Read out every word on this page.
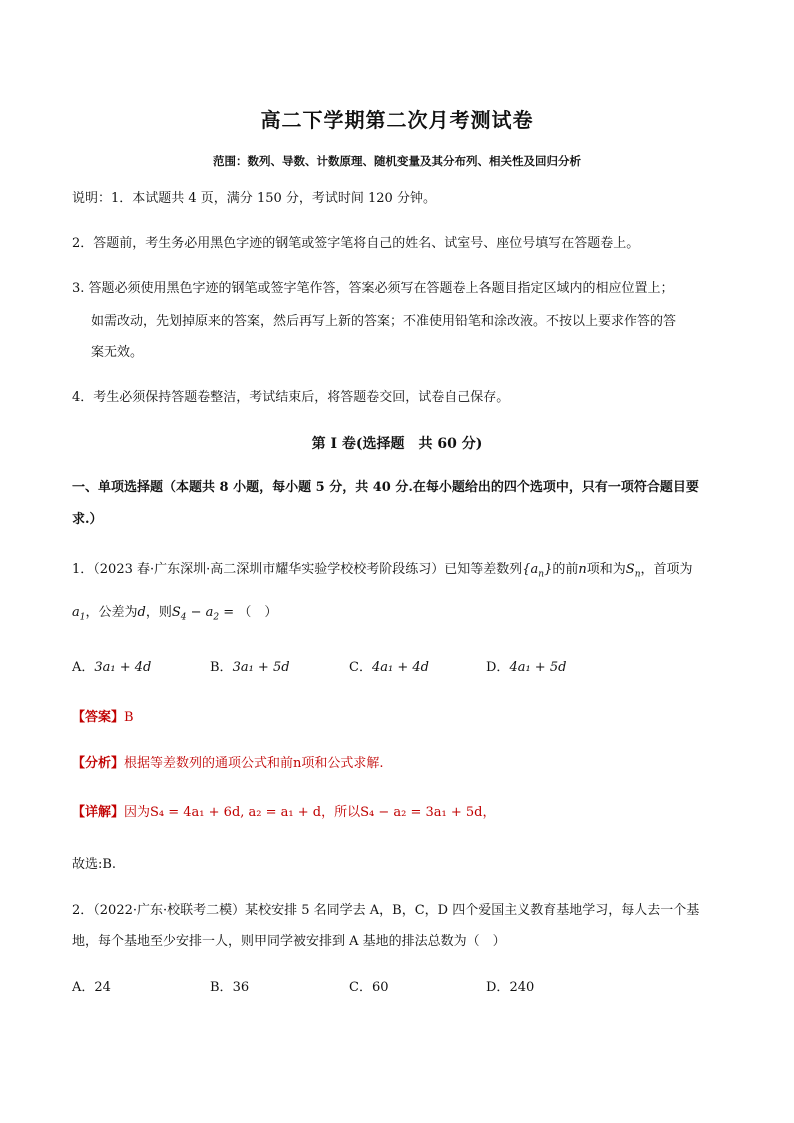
高二下学期第二次月考测试卷
范围：数列、导数、计数原理、随机变量及其分布列、相关性及回归分析
说明：1．本试题共 4 页，满分 150 分，考试时间 120 分钟。
2．答题前，考生务必用黑色字迹的钢笔或签字笔将自己的姓名、试室号、座位号填写在答题卷上。
3. 答题必须使用黑色字迹的钢笔或签字笔作答，答案必须写在答题卷上各题目指定区域内的相应位置上；
如需改动，先划掉原来的答案，然后再写上新的答案；不准使用铅笔和涂改液。不按以上要求作答的答
案无效。
4．考生必须保持答题卷整洁，考试结束后，将答题卷交回，试卷自己保存。
第 I 卷(选择题　共 60 分)
一、单项选择题（本题共 8 小题，每小题 5 分，共 40 分.在每小题给出的四个选项中，只有一项符合题目要
求.）
1．（2023 春·广东深圳·高二深圳市耀华实验学校校考阶段练习）已知等差数列$\{a_n\}$的前n项和为$S_n$，首项为
$a_1$，公差为d，则$S_4 - a_2$ = （　）
A．3a₁ + 4d	B．3a₁ + 5d	C．4a₁ + 4d	D．4a₁ + 5d
【答案】B
【分析】根据等差数列的通项公式和前n项和公式求解.
【详解】因为S₄ = 4a₁ + 6d, a₂ = a₁ + d，所以S₄ − a₂ = 3a₁ + 5d，
故选:B.
2．（2022·广东·校联考二模）某校安排 5 名同学去 A，B，C，D 四个爱国主义教育基地学习，每人去一个基
地，每个基地至少安排一人，则甲同学被安排到 A 基地的排法总数为（　）
A．24	B．36	C．60	D．240
